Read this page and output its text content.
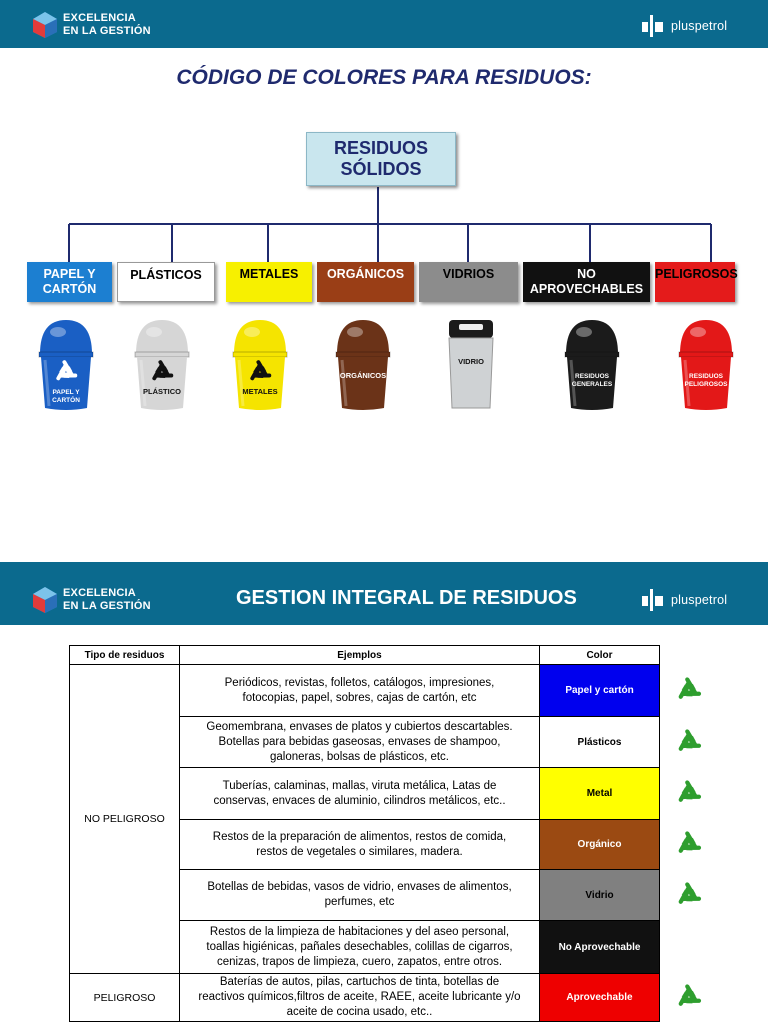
EXCELENCIA
EN LA GESTIÓN	pluspetrol
CÓDIGO DE COLORES PARA RESIDUOS:
RESIDUOS
SÓLIDOS
PAPEL Y
CARTÓN
PLÁSTICOS	METALES	ORGÁNICOS	VIDRIOS	NO
APROVECHABLES
PELIGROSOS
PAPEL Y
CARTÓN
PLÁSTICO	METALES
ORGÁNICOS
VIDRIO
RESIDUOS
GENERALES
RESIDUOS
PELIGROSOS
EXCELENCIA
EN LA GESTIÓN	GESTION INTEGRAL DE RESIDUOS	pluspetrol
Tipo de residuos	Ejemplos	Color
NO PELIGROSO	Periódicos, revistas, folletos, catálogos, impresiones,
fotocopias, papel, sobres, cajas de cartón, etc	Papel y cartón

	Geomembrana, envases de platos y cubiertos descartables.
Botellas para bebidas gaseosas, envases de shampoo,
galoneras, bolsas de plásticos, etc.	Plásticos

	Tuberías, calaminas, mallas, viruta metálica, Latas de
conservas, envaces de aluminio, cilindros metálicos, etc..	Metal

	Restos de la preparación de alimentos, restos de comida,
restos de vegetales o similares, madera.	Orgánico

	Botellas de bebidas, vasos de vidrio, envases de alimentos,
perfumes, etc	Vidrio

	Restos de la limpieza de habitaciones y del aseo personal,
toallas higiénicas, pañales desechables, colillas de cigarros,
cenizas, trapos de limpieza, cuero, zapatos, entre otros.	No Aprovechable
PELIGROSO	Baterías de autos, pilas, cartuchos de tinta, botellas de
reactivos químicos,filtros de aceite, RAEE, aceite lubricante y/o
aceite de cocina usado, etc..	Aprovechable
